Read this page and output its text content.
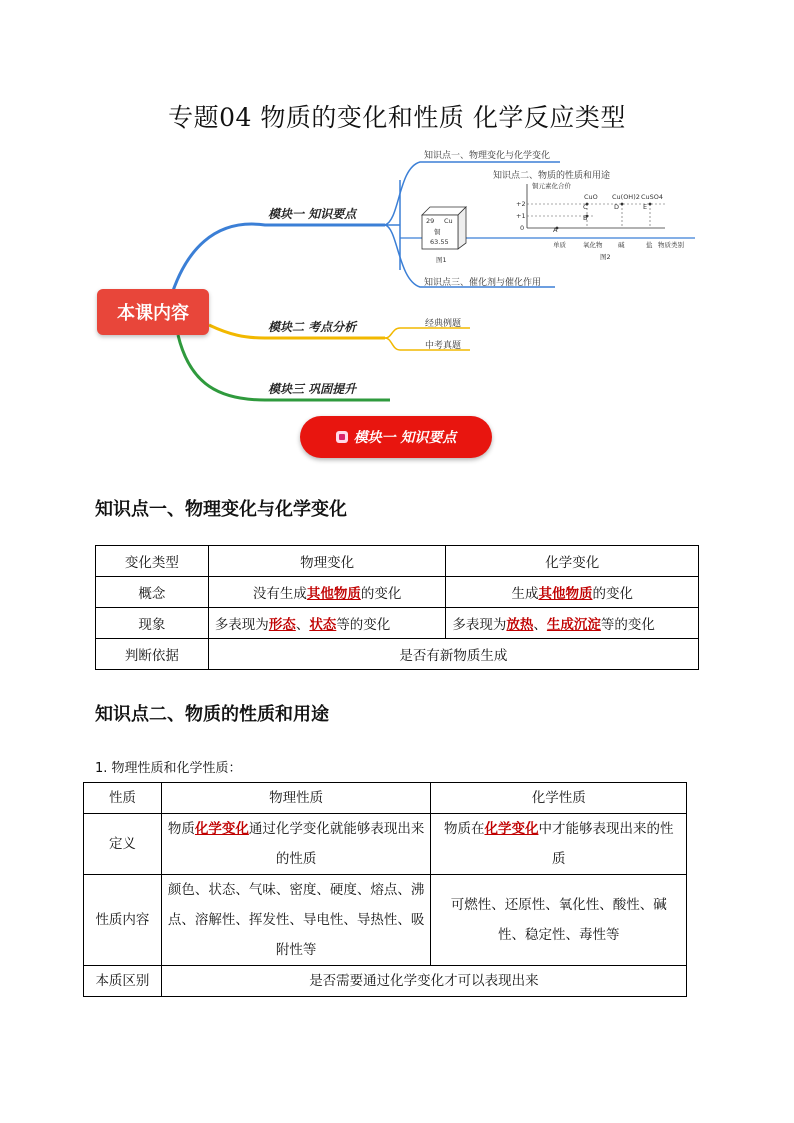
专题04 物质的变化和性质 化学反应类型
本课内容
模块一 知识要点
模块二 考点分析
模块三 巩固提升
知识点一、物理变化与化学变化
知识点二、物质的性质和用途
知识点三、催化剂与催化作用
经典例题
中考真题
29 Cu
铜
63.55
图1
铜元素化合价
+2
+1
0
CuO Cu(OH)2 CuSO4
A
B
C	D	E
单质	氧化物 碱	盐 物质类别
图2
模块一 知识要点
知识点一、物理变化与化学变化
变化类型	物理变化	化学变化
概念	没有生成其他物质的变化	生成其他物质的变化
现象	多表现为形态、状态等的变化	多表现为放热、生成沉淀等的变化
判断依据	是否有新物质生成	
知识点二、物质的性质和用途
1. 物理性质和化学性质：
性质	物理性质	化学性质
定义	物质化学变化通过化学变化就能够表现出来的性质	物质在化学变化中才能够表现出来的性质
性质内容	颜色、状态、气味、密度、硬度、熔点、沸点、溶解性、挥发性、导电性、导热性、吸附性等	可燃性、还原性、氧化性、酸性、碱性、稳定性、毒性等
本质区别	是否需要通过化学变化才可以表现出来	
